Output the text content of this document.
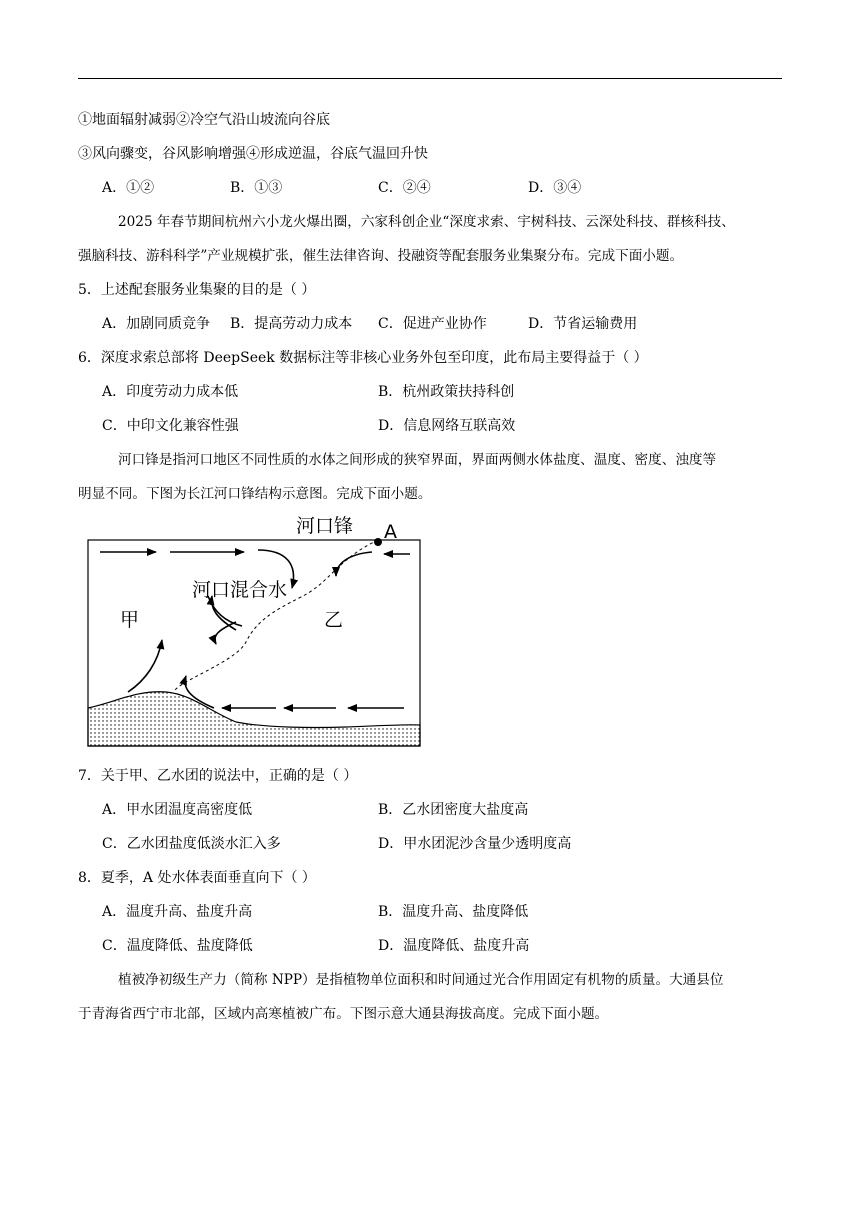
①地面辐射减弱②冷空气沿山坡流向谷底
③风向骤变，谷风影响增强④形成逆温，谷底气温回升快
A．①②	B．①③	C．②④	D．③④
2025 年春节期间杭州六小龙火爆出圈，六家科创企业“深度求索、宇树科技、云深处科技、群核科技、
强脑科技、游科科学”产业规模扩张，催生法律咨询、投融资等配套服务业集聚分布。完成下面小题。
5．上述配套服务业集聚的目的是（ ）
A．加剧同质竞争 B．提高劳动力成本 C．促进产业协作	D．节省运输费用
6．深度求索总部将 DeepSeek 数据标注等非核心业务外包至印度，此布局主要得益于（ ）
A．印度劳动力成本低	B．杭州政策扶持科创
C．中印文化兼容性强	D．信息网络互联高效
河口锋是指河口地区不同性质的水体之间形成的狭窄界面，界面两侧水体盐度、温度、密度、浊度等
明显不同。下图为长江河口锋结构示意图。完成下面小题。
河口锋 A
河口混合水
甲	乙
7．关于甲、乙水团的说法中，正确的是（ ）
A．甲水团温度高密度低	B．乙水团密度大盐度高
C．乙水团盐度低淡水汇入多	D．甲水团泥沙含量少透明度高
8．夏季，A 处水体表面垂直向下（ ）
A．温度升高、盐度升高	B．温度升高、盐度降低
C．温度降低、盐度降低	D．温度降低、盐度升高
植被净初级生产力（简称 NPP）是指植物单位面积和时间通过光合作用固定有机物的质量。大通县位
于青海省西宁市北部，区域内高寒植被广布。下图示意大通县海拔高度。完成下面小题。
